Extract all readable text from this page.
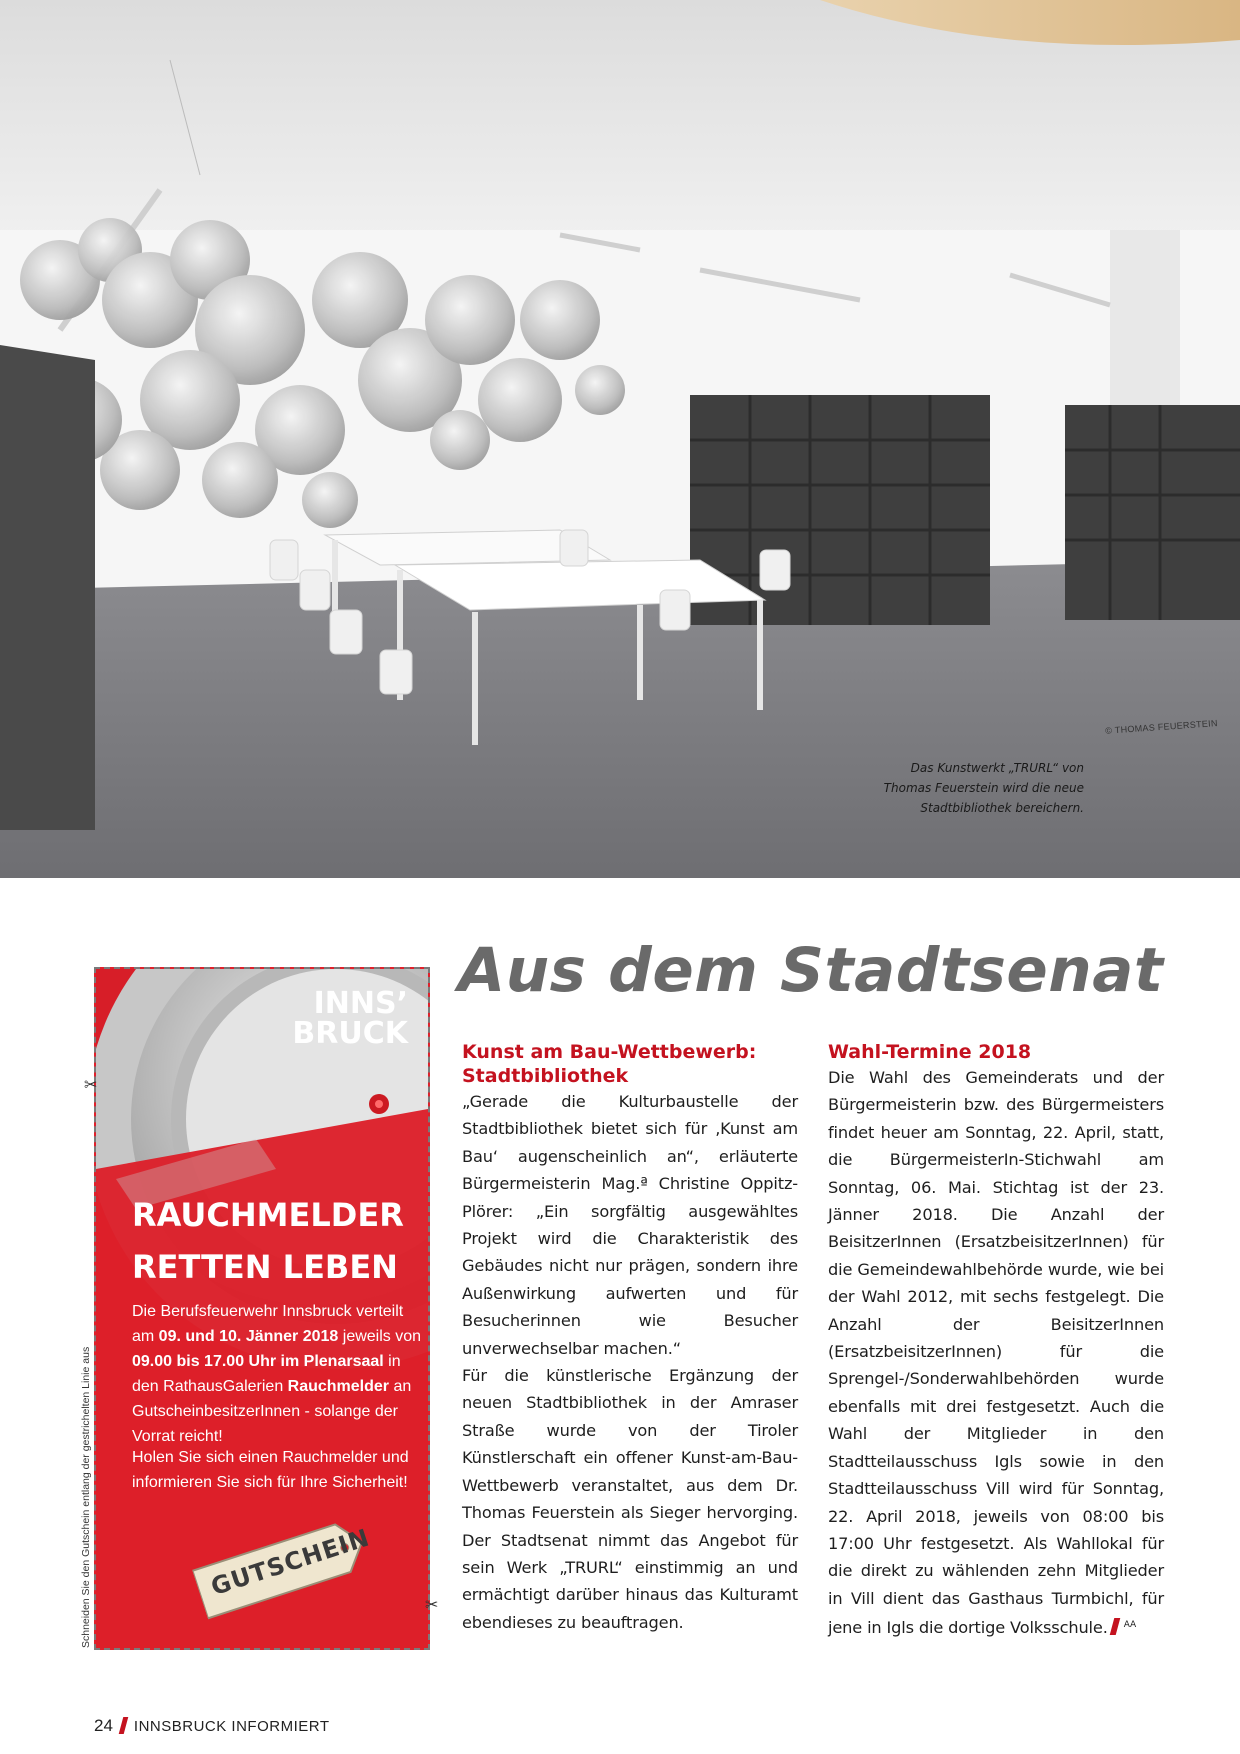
© THOMAS FEUERSTEIN
Das Kunstwerkt „TRURL“ von
Thomas Feuerstein wird die neue
Stadtbibliothek bereichern.
INNS’
BRUCK
RAUCHMELDER
RETTEN LEBEN
Die Berufsfeuerwehr Innsbruck verteilt am 09. und 10. Jänner 2018 jeweils von 09.00 bis 17.00 Uhr im Plenarsaal in den RathausGalerien Rauchmelder an GutscheinbesitzerInnen - solange der Vorrat reicht!
Holen Sie sich einen Rauchmelder und informieren Sie sich für Ihre Sicherheit!
GUTSCHEIN
Schneiden Sie den Gutschein entlang der gestrichelten Linie aus
✂
✂
Aus dem Stadtsenat
Kunst am Bau-Wettbewerb:
Stadtbibliothek

„Gerade die Kulturbaustelle der Stadtbibliothek bietet sich für ‚Kunst am Bau‘ augenscheinlich an“, erläuterte Bürgermeisterin Mag.ª Christine Oppitz-Plörer: „Ein sorgfältig ausgewähltes Projekt wird die Charakteristik des Gebäudes nicht nur prägen, sondern ihre Außenwirkung aufwerten und für Besucherinnen wie Besucher unverwechselbar machen.“

Für die künstlerische Ergänzung der neuen Stadtbibliothek in der Amraser Straße wurde von der Tiroler Künstlerschaft ein offener Kunst-am-Bau-Wettbewerb veranstaltet, aus dem Dr. Thomas Feuerstein als Sieger hervorging. Der Stadtsenat nimmt das Angebot für sein Werk „TRURL“ einstimmig an und ermächtigt darüber hinaus das Kulturamt ebendieses zu beauftragen.

Wahl-Termine 2018

Die Wahl des Gemeinderats und der Bürgermeisterin bzw. des Bürgermeisters findet heuer am Sonntag, 22. April, statt, die BürgermeisterIn-Stichwahl am Sonntag, 06. Mai. Stichtag ist der 23. Jänner 2018. Die Anzahl der BeisitzerInnen (ErsatzbeisitzerInnen) für die Gemeindewahlbehörde wurde, wie bei der Wahl 2012, mit sechs festgelegt. Die Anzahl der BeisitzerInnen (ErsatzbeisitzerInnen) für die Sprengel-/Sonderwahlbehörden wurde ebenfalls mit drei festgesetzt. Auch die Wahl der Mitglieder in den Stadtteilausschuss Igls sowie in den Stadtteilausschuss Vill wird für Sonntag, 22. April 2018, jeweils von 08:00 bis 17:00 Uhr festgesetzt. Als Wahllokal für die direkt zu wählenden zehn Mitglieder in Vill dient das Gasthaus Turmbichl, für jene in Igls die dortige Volksschule. $^{AA}$

24 INNSBRUCK INFORMIERT
